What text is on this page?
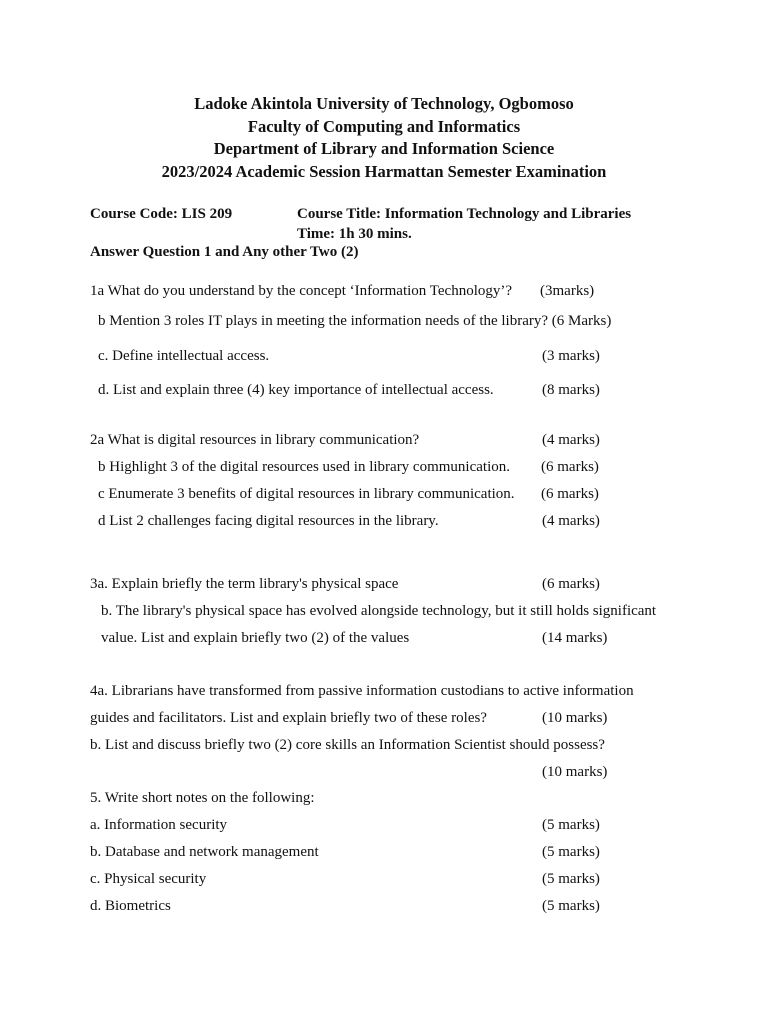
Ladoke Akintola University of Technology, Ogbomoso
Faculty of Computing and Informatics
Department of Library and Information Science
2023/2024 Academic Session Harmattan Semester Examination
Course Code: LIS 209	Course Title: Information Technology and Libraries
Time: 1h 30 mins.
Answer Question 1 and Any other Two (2)
1a What do you understand by the concept ‘Information Technology’? (3marks)
b Mention 3 roles IT plays in meeting the information needs of the library? (6 Marks)
c. Define intellectual access.	(3 marks)
d. List and explain three (4) key importance of intellectual access.	(8 marks)
2a What is digital resources in library communication?	(4 marks)
b Highlight 3 of the digital resources used in library communication. (6 marks)
c Enumerate 3 benefits of digital resources in library communication. (6 marks)
d List 2 challenges facing digital resources in the library.	(4 marks)
3a. Explain briefly the term library's physical space	(6 marks)
b. The library's physical space has evolved alongside technology, but it still holds significant
value. List and explain briefly two (2) of the values	(14 marks)
4a. Librarians have transformed from passive information custodians to active information
guides and facilitators. List and explain briefly two of these roles?	(10 marks)
b. List and discuss briefly two (2) core skills an Information Scientist should possess?
(10 marks)
5. Write short notes on the following:
a. Information security	(5 marks)
b. Database and network management	(5 marks)
c. Physical security	(5 marks)
d. Biometrics	(5 marks)
